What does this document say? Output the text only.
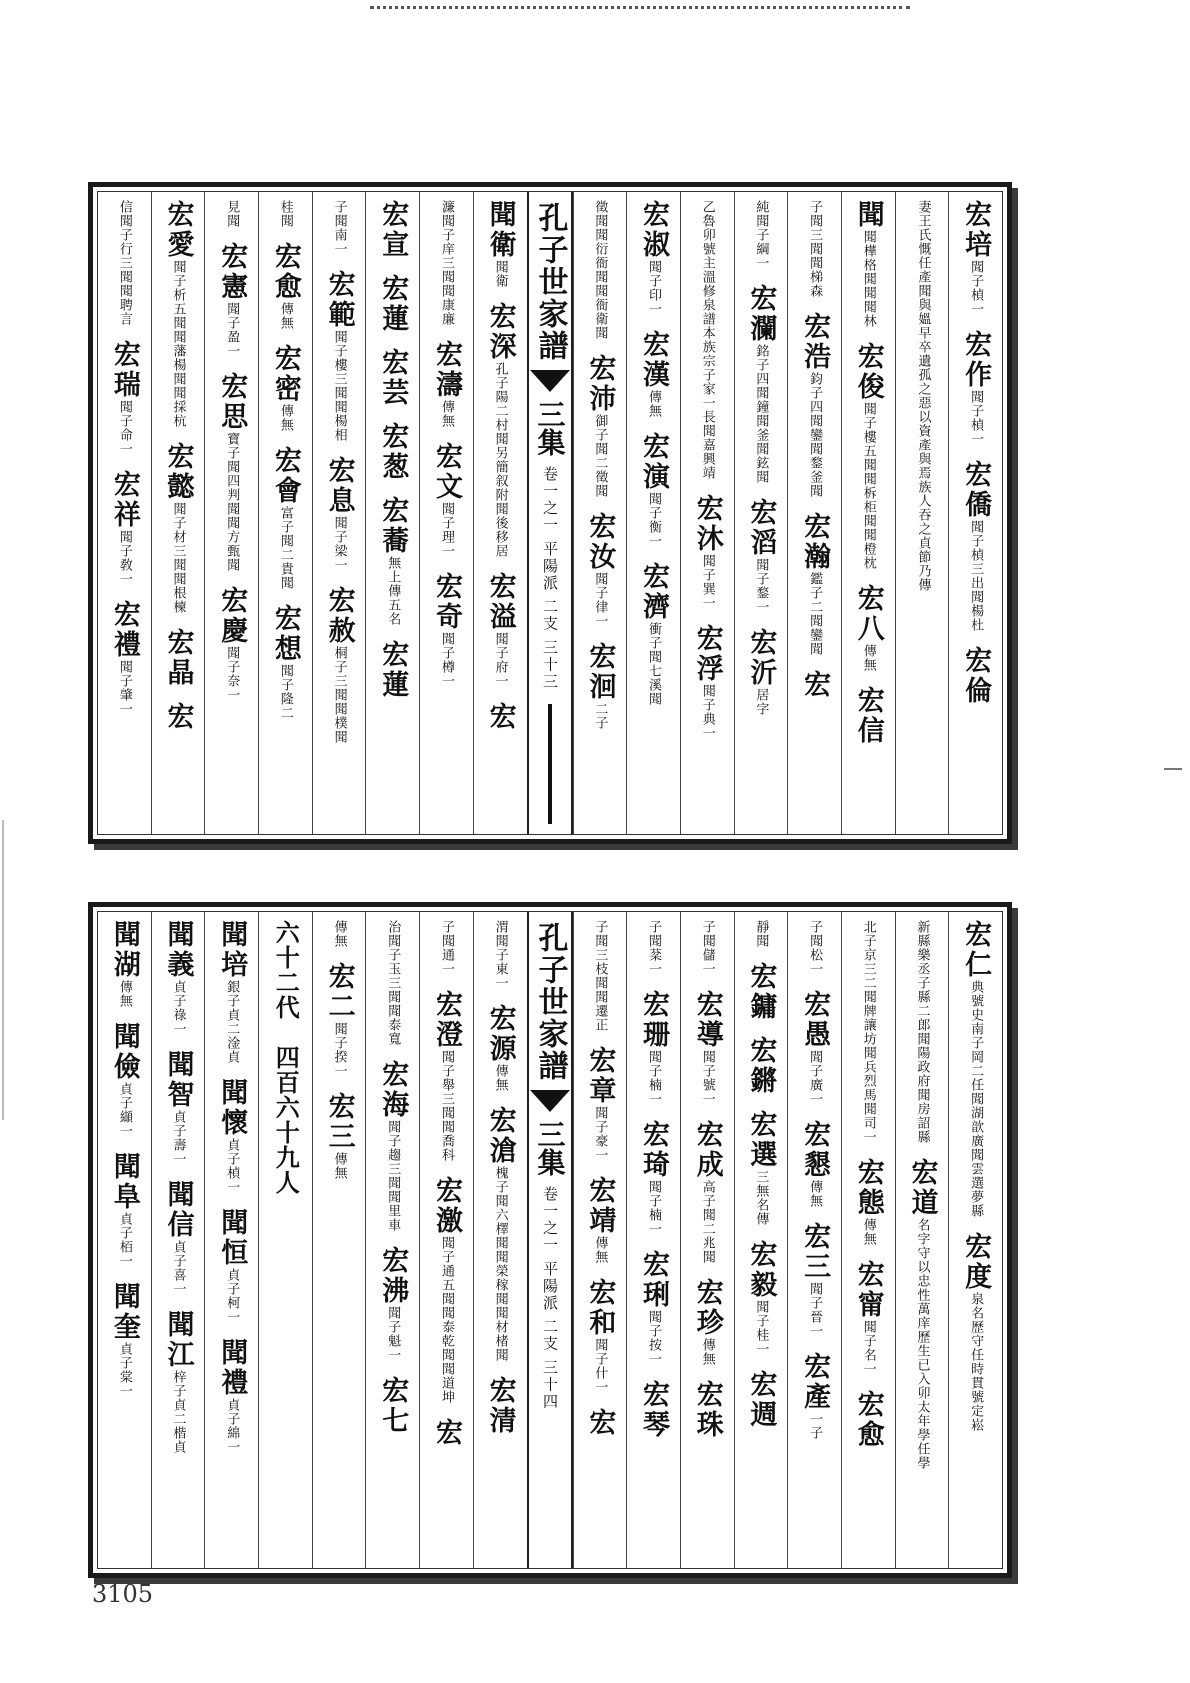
宏培聞子楨一　宏作聞子楨一　宏僑聞子楨三出聞楊杜　宏倫
妻王氏慨任產聞與媼早卒遺孤之惡以資產與焉族人吞之貞節乃傳
聞聞樺格聞聞聞林　宏俊聞子樓五聞聞柝柜聞聞橙枕　宏八傳無　宏信
子聞三聞聞梯森　宏浩鈞子四聞鑾聞鍪釜聞　宏瀚鑑子二聞鑾聞　宏
純聞子綱一　宏瀾銘子四聞鐘聞釜聞鉉聞　宏滔聞子鍪一　宏沂居字
乙魯卯號主溫修泉譜本族宗子家一長聞嘉興靖　宏沐聞子巽一　宏浮聞子典一
宏淑聞子印一　宏漢傳無　宏演聞子衡一　宏濟衝子聞七溪聞
徵聞聞衍衙聞聞衙衛聞　宏沛御子聞二徵聞　宏汝聞子律一　宏洄二子
孔子世家譜
三集
卷一之一 平陽派 二支 三十三
聞衛聞衛　宏深孔子陽二村聞另簡叙附聞後移居　宏溢聞子府一　宏
濂聞子庠三聞聞康廉　宏濤傳無　宏文聞子理一　宏奇聞子樽一
宏宣　宏蓮　宏芸　宏葱　宏蕎無上傳五名　宏蓮
子聞南一　宏範聞子樓三聞聞楊相　宏息聞子梁一　宏赦桐子三聞聞樸聞
桂聞　宏愈傳無　宏密傳無　宏會富子聞二貴聞　宏想聞子隆二
見聞　宏憲聞子盈一　宏思寶子聞四判聞聞方甄聞　宏慶聞子奈一
宏愛聞子析五聞聞藩楊聞聞採杭　宏懿聞子材三聞聞根楝　宏晶　宏
信聞子行三聞聞聘言　宏瑞聞子命一　宏祥聞子敎一　宏禮聞子肇一
宏仁典號史南子岡二任聞湖歆廣聞雲選夢縣　宏度泉名歷守任時貫號定崧
新縣樂丞子縣二郎聞陽政府聞房詔縣　宏道名字守以忠性萬庠歷生已入卯太年學任學
北子京三二聞牌讓坊聞兵烈馬聞司一　宏態傳無　宏甯聞子名一　宏愈
子聞松一　宏愚聞子廣一　宏懇傳無　宏三聞子晉一　宏產一子
靜聞　宏鏞　宏鏘　宏選三無名傳　宏毅聞子桂一　宏週
子聞儲一　宏導聞子號一　宏成高子聞二兆聞　宏珍傳無　宏珠
子聞棻一　宏珊聞子楠一　宏琦聞子楠一　宏琍聞子按一　宏琴
子聞三枝聞聞遷正　宏章聞子豪一　宏靖傳無　宏和聞子什一　宏
孔子世家譜
三集
卷一之一 平陽派 二支 三十四
渭聞子東一　宏源傳無　宏滄槐子聞六檡聞聞榮稼聞聞材楮聞　宏清
子聞通一　宏澄聞子舉三聞聞喬科　宏激聞子通五聞聞泰乾聞聞道坤　宏
治聞子玉三聞聞泰寬　宏海聞子趨三聞聞里車　宏沸聞子魁一　宏七
傳無　宏二聞子揆一　宏三傳無
六十二代　四百六十九人
聞培銀子貞二淦貞　聞懷貞子楨一　聞恒貞子柯一　聞禮貞子綿一
聞義貞子祿一　聞智貞子壽一　聞信貞子喜一　聞江梓子貞二楷貞
聞湖傳無　聞儉貞子纈一　聞阜貞子栢一　聞奎貞子棠一
3105
